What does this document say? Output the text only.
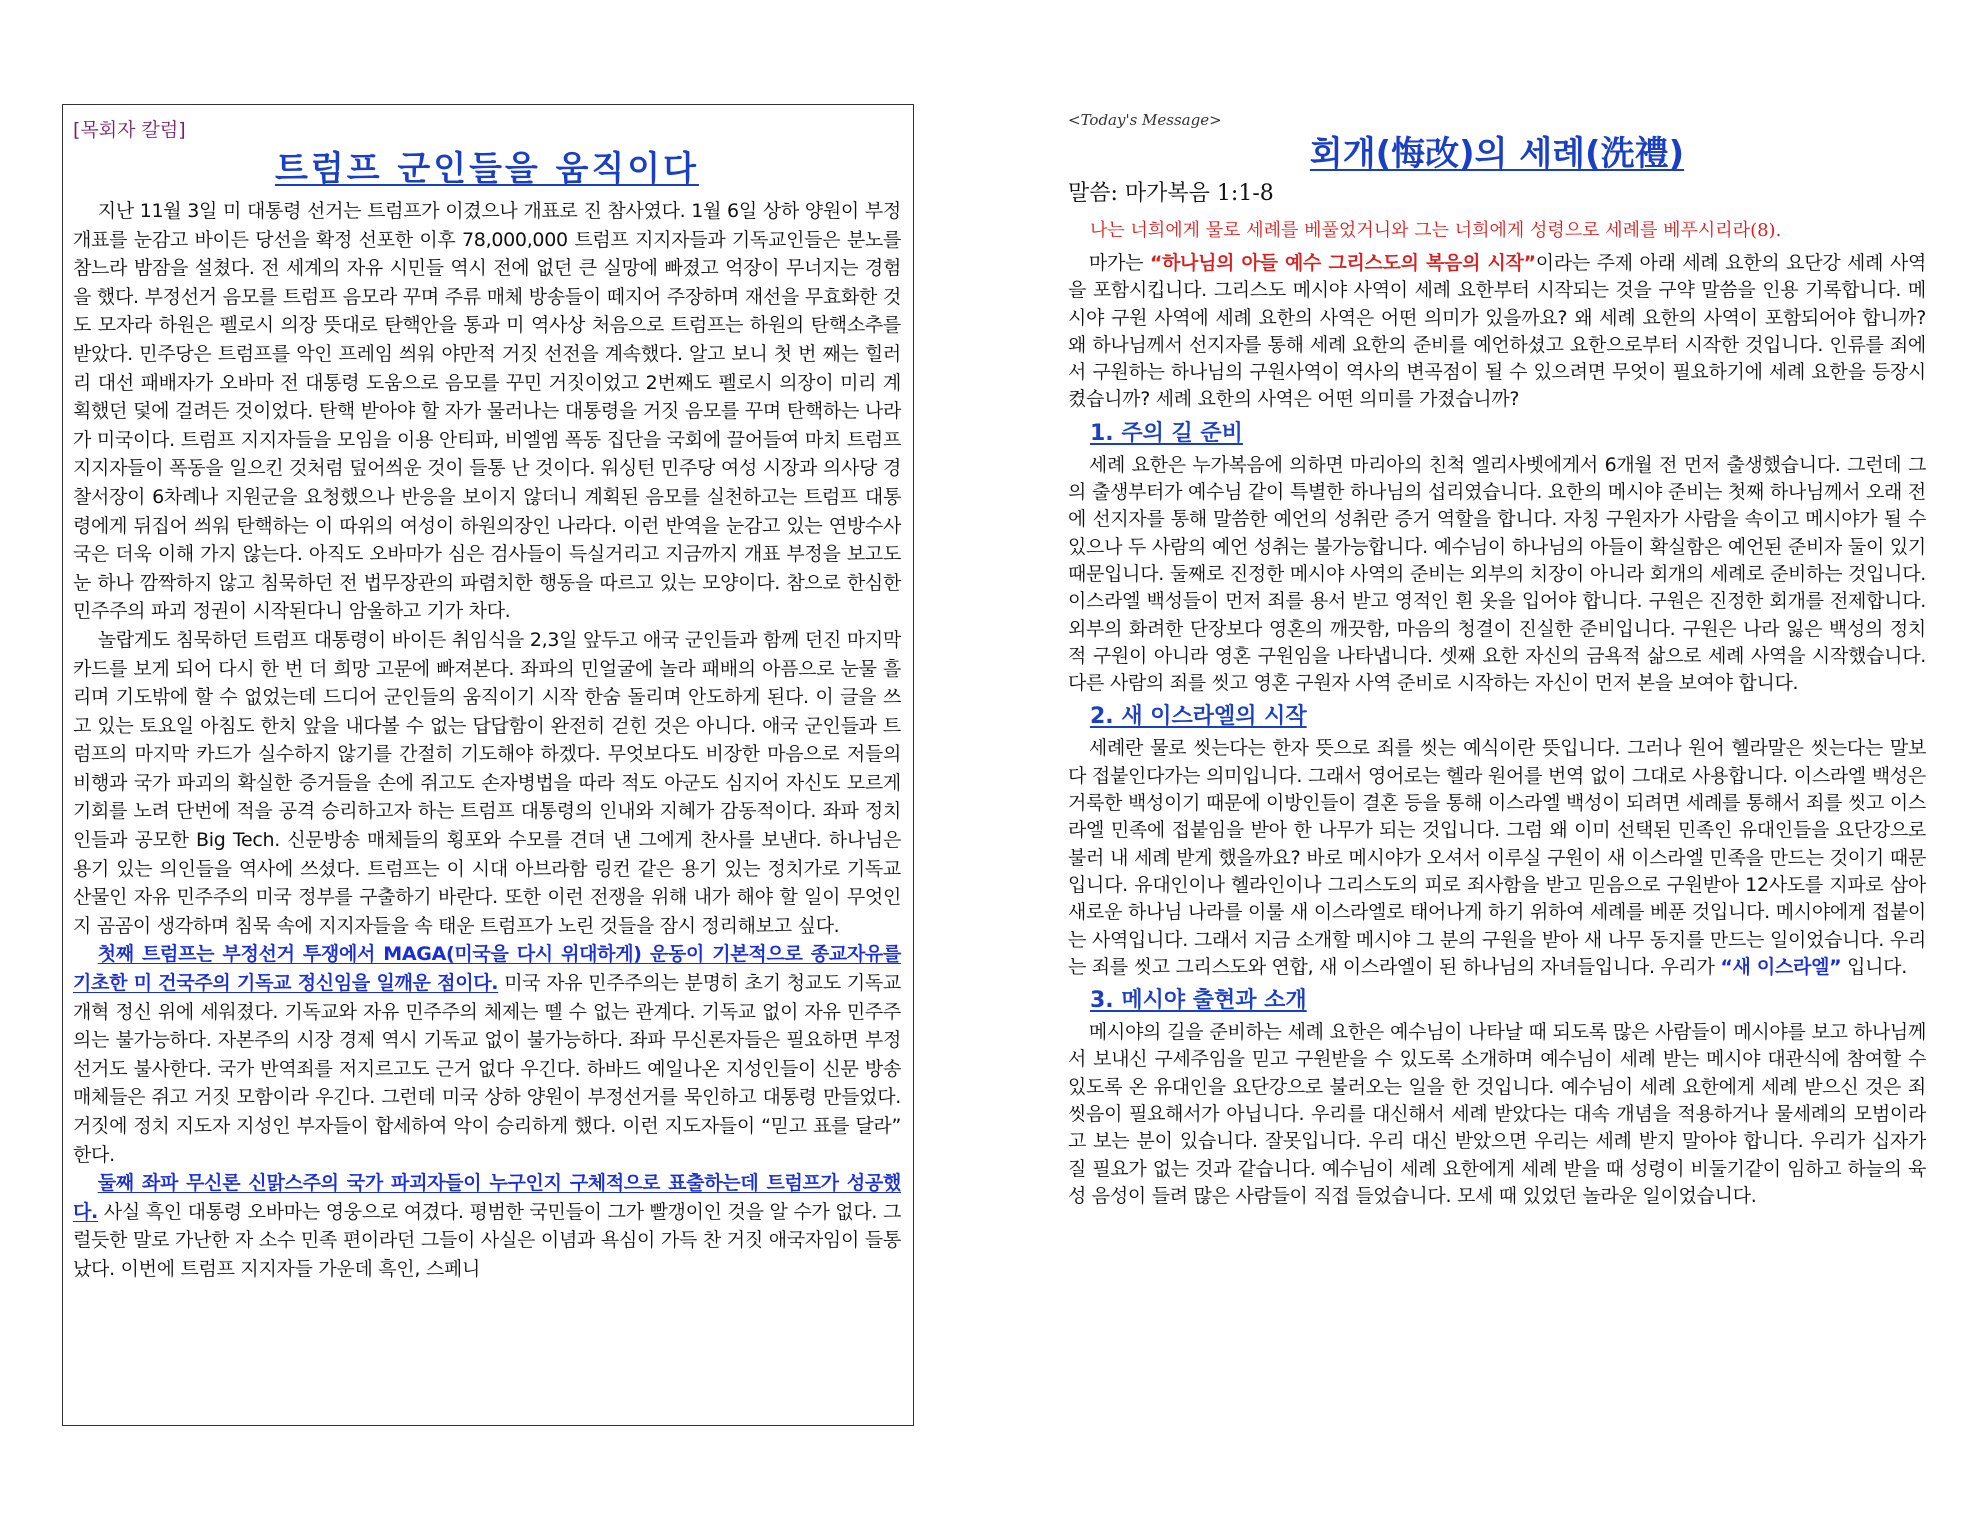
[목회자 칼럼]
트럼프 군인들을 움직이다

지난 11월 3일 미 대통령 선거는 트럼프가 이겼으나 개표로 진 참사였다. 1월 6일 상하 양원이 부정개표를 눈감고 바이든 당선을 확정 선포한 이후 78,000,000 트럼프 지지자들과 기독교인들은 분노를 참느라 밤잠을 설쳤다. 전 세계의 자유 시민들 역시 전에 없던 큰 실망에 빠졌고 억장이 무너지는 경험을 했다. 부정선거 음모를 트럼프 음모라 꾸며 주류 매체 방송들이 떼지어 주장하며 재선을 무효화한 것도 모자라 하원은 펠로시 의장 뜻대로 탄핵안을 통과 미 역사상 처음으로 트럼프는 하원의 탄핵소추를 받았다. 민주당은 트럼프를 악인 프레임 씌워 야만적 거짓 선전을 계속했다. 알고 보니 첫 번 째는 힐러리 대선 패배자가 오바마 전 대통령 도움으로 음모를 꾸민 거짓이었고 2번째도 펠로시 의장이 미리 계획했던 덫에 걸려든 것이었다. 탄핵 받아야 할 자가 물러나는 대통령을 거짓 음모를 꾸며 탄핵하는 나라가 미국이다. 트럼프 지지자들을 모임을 이용 안티파, 비엘엠 폭동 집단을 국회에 끌어들여 마치 트럼프 지지자들이 폭동을 일으킨 것처럼 덮어씌운 것이 들통 난 것이다. 워싱턴 민주당 여성 시장과 의사당 경찰서장이 6차례나 지원군을 요청했으나 반응을 보이지 않더니 계획된 음모를 실천하고는 트럼프 대통령에게 뒤집어 씌워 탄핵하는 이 따위의 여성이 하원의장인 나라다. 이런 반역을 눈감고 있는 연방수사국은 더욱 이해 가지 않는다. 아직도 오바마가 심은 검사들이 득실거리고 지금까지 개표 부정을 보고도 눈 하나 깜짝하지 않고 침묵하던 전 법무장관의 파렴치한 행동을 따르고 있는 모양이다. 참으로 한심한 민주주의 파괴 정권이 시작된다니 암울하고 기가 차다.

놀랍게도 침묵하던 트럼프 대통령이 바이든 취임식을 2,3일 앞두고 애국 군인들과 함께 던진 마지막 카드를 보게 되어 다시 한 번 더 희망 고문에 빠져본다. 좌파의 민얼굴에 놀라 패배의 아픔으로 눈물 흘리며 기도밖에 할 수 없었는데 드디어 군인들의 움직이기 시작 한숨 돌리며 안도하게 된다. 이 글을 쓰고 있는 토요일 아침도 한치 앞을 내다볼 수 없는 답답함이 완전히 걷힌 것은 아니다. 애국 군인들과 트럼프의 마지막 카드가 실수하지 않기를 간절히 기도해야 하겠다. 무엇보다도 비장한 마음으로 저들의 비행과 국가 파괴의 확실한 증거들을 손에 쥐고도 손자병법을 따라 적도 아군도 심지어 자신도 모르게 기회를 노려 단번에 적을 공격 승리하고자 하는 트럼프 대통령의 인내와 지혜가 감동적이다. 좌파 정치인들과 공모한 Big Tech. 신문방송 매체들의 횡포와 수모를 견뎌 낸 그에게 찬사를 보낸다. 하나님은 용기 있는 의인들을 역사에 쓰셨다. 트럼프는 이 시대 아브라함 링컨 같은 용기 있는 정치가로 기독교 산물인 자유 민주주의 미국 정부를 구출하기 바란다. 또한 이런 전쟁을 위해 내가 해야 할 일이 무엇인지 곰곰이 생각하며 침묵 속에 지지자들을 속 태운 트럼프가 노린 것들을 잠시 정리해보고 싶다.

첫째 트럼프는 부정선거 투쟁에서 MAGA(미국을 다시 위대하게) 운동이 기본적으로 종교자유를 기초한 미 건국주의 기독교 정신임을 일깨운 점이다. 미국 자유 민주주의는 분명히 초기 청교도 기독교 개혁 정신 위에 세워졌다. 기독교와 자유 민주주의 체제는 뗄 수 없는 관계다. 기독교 없이 자유 민주주의는 불가능하다. 자본주의 시장 경제 역시 기독교 없이 불가능하다. 좌파 무신론자들은 필요하면 부정선거도 불사한다. 국가 반역죄를 저지르고도 근거 없다 우긴다. 하바드 예일나온 지성인들이 신문 방송 매체들은 쥐고 거짓 모함이라 우긴다. 그런데 미국 상하 양원이 부정선거를 묵인하고 대통령 만들었다. 거짓에 정치 지도자 지성인 부자들이 합세하여 악이 승리하게 했다. 이런 지도자들이 “믿고 표를 달라” 한다.

둘째 좌파 무신론 신맑스주의 국가 파괴자들이 누구인지 구체적으로 표출하는데 트럼프가 성공했다. 사실 흑인 대통령 오바마는 영웅으로 여겼다. 평범한 국민들이 그가 빨갱이인 것을 알 수가 없다. 그럴듯한 말로 가난한 자 소수 민족 편이라던 그들이 사실은 이념과 욕심이 가득 찬 거짓 애국자임이 들통 났다. 이번에 트럼프 지지자들 가운데 흑인, 스페니

<Today's Message>
회개(悔改)의 세례(洗禮)
말씀: 마가복음 1:1-8
나는 너희에게 물로 세례를 베풀었거니와 그는 너희에게 성령으로 세례를 베푸시리라(8).

마가는 “하나님의 아들 예수 그리스도의 복음의 시작”이라는 주제 아래 세례 요한의 요단강 세례 사역을 포함시킵니다. 그리스도 메시야 사역이 세례 요한부터 시작되는 것을 구약 말씀을 인용 기록합니다. 메시야 구원 사역에 세례 요한의 사역은 어떤 의미가 있을까요? 왜 세례 요한의 사역이 포함되어야 합니까? 왜 하나님께서 선지자를 통해 세례 요한의 준비를 예언하셨고 요한으로부터 시작한 것입니다. 인류를 죄에서 구원하는 하나님의 구원사역이 역사의 변곡점이 될 수 있으려면 무엇이 필요하기에 세례 요한을 등장시켰습니까? 세례 요한의 사역은 어떤 의미를 가졌습니까?

1. 주의 길 준비

세례 요한은 누가복음에 의하면 마리아의 친척 엘리사벳에게서 6개월 전 먼저 출생했습니다. 그런데 그의 출생부터가 예수님 같이 특별한 하나님의 섭리였습니다. 요한의 메시야 준비는 첫째 하나님께서 오래 전에 선지자를 통해 말씀한 예언의 성취란 증거 역할을 합니다. 자칭 구원자가 사람을 속이고 메시야가 될 수 있으나 두 사람의 예언 성취는 불가능합니다. 예수님이 하나님의 아들이 확실함은 예언된 준비자 둘이 있기 때문입니다. 둘째로 진정한 메시야 사역의 준비는 외부의 치장이 아니라 회개의 세례로 준비하는 것입니다. 이스라엘 백성들이 먼저 죄를 용서 받고 영적인 흰 옷을 입어야 합니다. 구원은 진정한 회개를 전제합니다. 외부의 화려한 단장보다 영혼의 깨끗함, 마음의 청결이 진실한 준비입니다. 구원은 나라 잃은 백성의 정치적 구원이 아니라 영혼 구원임을 나타냅니다. 셋째 요한 자신의 금욕적 삶으로 세례 사역을 시작했습니다. 다른 사람의 죄를 씻고 영혼 구원자 사역 준비로 시작하는 자신이 먼저 본을 보여야 합니다.

2. 새 이스라엘의 시작

세례란 물로 씻는다는 한자 뜻으로 죄를 씻는 예식이란 뜻입니다. 그러나 원어 헬라말은 씻는다는 말보다 접붙인다가는 의미입니다. 그래서 영어로는 헬라 원어를 번역 없이 그대로 사용합니다. 이스라엘 백성은 거룩한 백성이기 때문에 이방인들이 결혼 등을 통해 이스라엘 백성이 되려면 세례를 통해서 죄를 씻고 이스라엘 민족에 접붙임을 받아 한 나무가 되는 것입니다. 그럼 왜 이미 선택된 민족인 유대인들을 요단강으로 불러 내 세례 받게 했을까요? 바로 메시야가 오셔서 이루실 구원이 새 이스라엘 민족을 만드는 것이기 때문입니다. 유대인이나 헬라인이나 그리스도의 피로 죄사함을 받고 믿음으로 구원받아 12사도를 지파로 삼아 새로운 하나님 나라를 이룰 새 이스라엘로 태어나게 하기 위하여 세례를 베푼 것입니다. 메시야에게 접붙이는 사역입니다. 그래서 지금 소개할 메시야 그 분의 구원을 받아 새 나무 동지를 만드는 일이었습니다. 우리는 죄를 씻고 그리스도와 연합, 새 이스라엘이 된 하나님의 자녀들입니다. 우리가 “새 이스라엘” 입니다.

3. 메시야 출현과 소개

메시야의 길을 준비하는 세례 요한은 예수님이 나타날 때 되도록 많은 사람들이 메시야를 보고 하나님께서 보내신 구세주임을 믿고 구원받을 수 있도록 소개하며 예수님이 세례 받는 메시야 대관식에 참여할 수 있도록 온 유대인을 요단강으로 불러오는 일을 한 것입니다. 예수님이 세례 요한에게 세례 받으신 것은 죄 씻음이 필요해서가 아닙니다. 우리를 대신해서 세례 받았다는 대속 개념을 적용하거나 물세례의 모범이라고 보는 분이 있습니다. 잘못입니다. 우리 대신 받았으면 우리는 세례 받지 말아야 합니다. 우리가 십자가 질 필요가 없는 것과 같습니다. 예수님이 세례 요한에게 세례 받을 때 성령이 비둘기같이 임하고 하늘의 육성 음성이 들려 많은 사람들이 직접 들었습니다. 모세 때 있었던 놀라운 일이었습니다.
